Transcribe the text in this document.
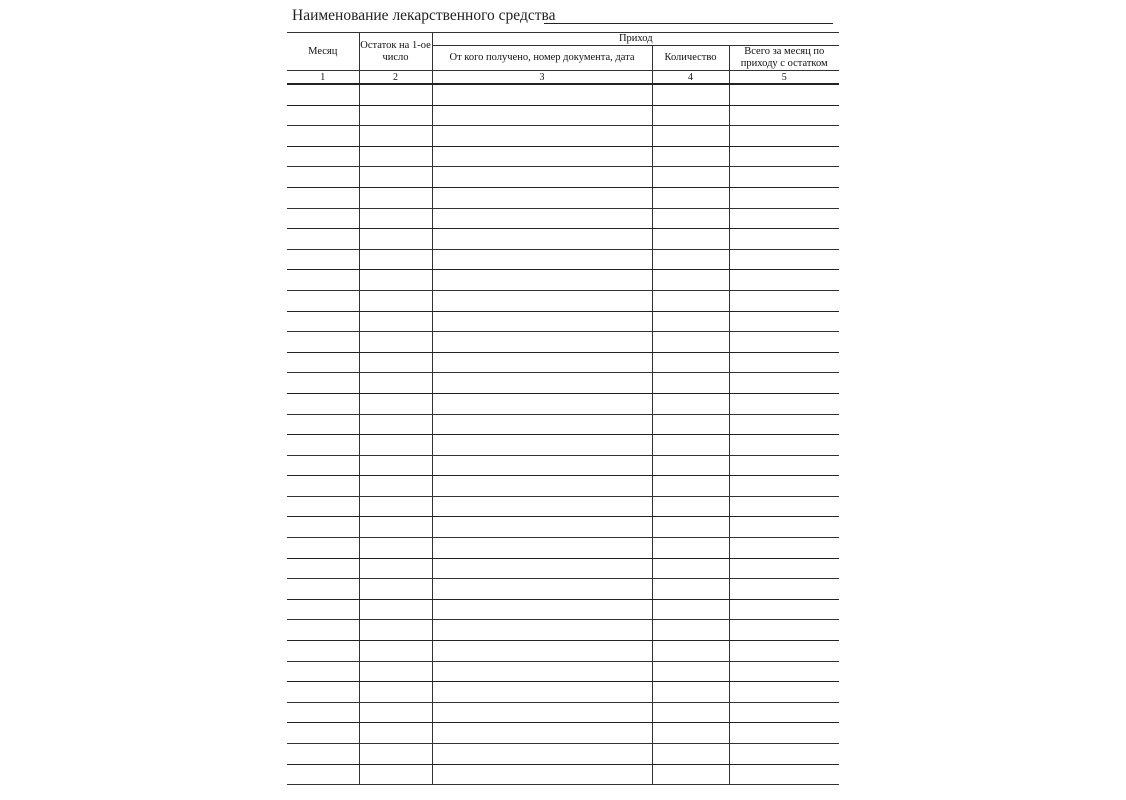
Наименование лекарственного средства
Месяц	Остаток на 1-ое число	Приход		
		От кого получено, номер документа, дата	Количество	Всего за месяц по приходу с остатком
1	2	3	4	5
